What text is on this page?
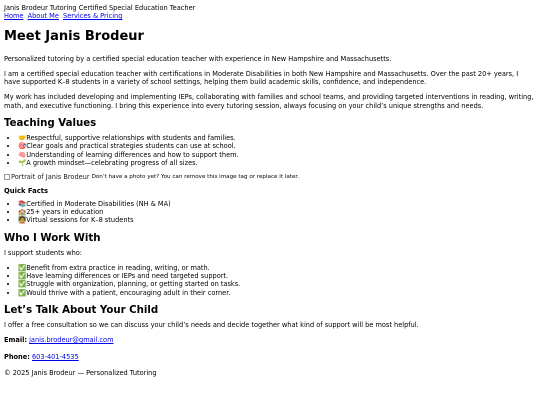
Janis Brodeur Tutoring Certified Special Education Teacher

Home About Me Services & Pricing
Meet Janis Brodeur

Personalized tutoring by a certified special education teacher with experience in New Hampshire and Massachusetts.

I am a certified special education teacher with certifications in Moderate Disabilities in both New Hampshire and Massachusetts. Over the past 20+ years, I have supported K–8 students in a variety of school settings, helping them build academic skills, confidence, and independence.

My work has included developing and implementing IEPs, collaborating with families and school teams, and providing targeted interventions in reading, writing, math, and executive functioning. I bring this experience into every tutoring session, always focusing on your child’s unique strengths and needs.

Teaching Values
• 🤝Respectful, supportive relationships with students and families.
• 🎯Clear goals and practical strategies students can use at school.
• 🧠Understanding of learning differences and how to support them.
• 🌱A growth mindset—celebrating progress of all sizes.
Portrait of Janis Brodeur Don’t have a photo yet? You can remove this image tag or replace it later.
Quick Facts
• 📚Certified in Moderate Disabilities (NH & MA)
• 🏫25+ years in education
• 🧑‍🏫Virtual sessions for K–8 students
Who I Work With

I support students who:

• ✅Benefit from extra practice in reading, writing, or math.
• ✅Have learning differences or IEPs and need targeted support.
• ✅Struggle with organization, planning, or getting started on tasks.
• ✅Would thrive with a patient, encouraging adult in their corner.
Let’s Talk About Your Child

I offer a free consultation so we can discuss your child’s needs and decide together what kind of support will be most helpful.

Email: janis.brodeur@gmail.com

Phone: 603-401-4535

© 2025 Janis Brodeur — Personalized Tutoring
